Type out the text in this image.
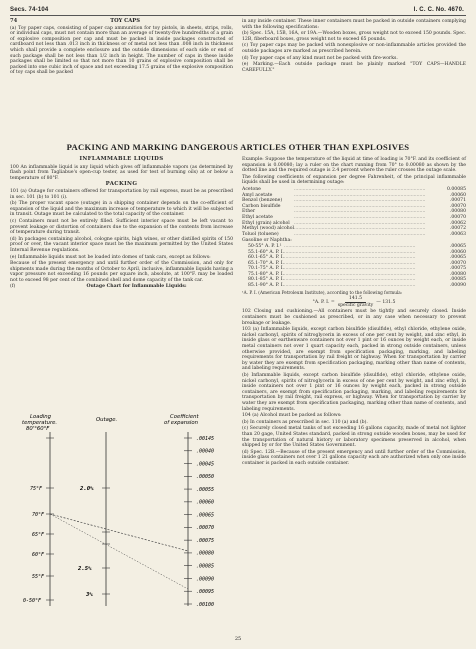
Secs. 74-104	I. C. C. No. 4670.
74	TOY CAPS

(a) Toy paper caps, consisting of paper cap ammunition for toy pistols, in sheets, strips, rolls, or individual caps, must not contain more than an average of twenty-five hundredths of a grain of explosive composition per cap and must be packed in inside packages constructed of cardboard not less than .013 inch in thickness or of metal not less than .008 inch in thickness which shall provide a complete enclosure and the outside dimensions of each side or end of such package shall be not less than 1/2 inch in height. The number of caps in these inside packages shall be limited so that not more than 10 grains of explosive composition shall be packed into one cubic inch of space and not exceeding 17.5 grains of the explosive composition of toy caps shall be packed

in any inside container. These inner containers must be packed in outside containers complying with the following specifications:

(b) Spec. 15A, 15B, 16A, or 19A.—Wooden boxes, gross weight not to exceed 150 pounds. Spec. 12B, fiberboard boxes, gross weight not to exceed 65 pounds.

(c) Toy paper caps may be packed with nonexplosive or non-inflammable articles provided the outside packages are marked as prescribed herein.

(d) Toy paper caps of any kind must not be packed with fire-works.

(e) Marking.—Each outside package must be plainly marked "TOY CAPS—HANDLE CAREFULLY."

PACKING AND MARKING DANGEROUS ARTICLES OTHER THAN EXPLOSIVES
INFLAMMABLE LIQUIDS

100 An inflammable liquid is any liquid which gives off inflammable vapors (as determined by flash point from Tagliabue's open-cup tester, as used for test of burning oils) at or below a temperature of 80°F.

PACKING

101 (a) Outage for containers offered for transportation by rail express, must be as prescribed in sec. 101 (b) to 101 (i).

(b) The proper vacant space (outage) in a shipping container depends on the co-efficient of expansion of the liquid and the maximum increase of temperature to which it will be subjected in transit. Outage must be calculated to the total capacity of the container.

(c) Containers must not be entirely filled. Sufficient interior space must be left vacant to prevent leakage or distortion of containers due to the expansion of the contents from increase of temperature during transit.

(d) In packages containing alcohol, cologne spirits, high wines, or other distilled spirits of 150 proof or over, the vacant interior space must be the maximum permitted by the United States Internal Revenue regulations.

(e) Inflammable liquids must not be loaded into domes of tank cars, except as follows:

Because of the present emergency and until further order of the Commission, and only for shipments made during the months of October to April, inclusive, inflammable liquids having a vapor pressure not exceeding 16 pounds per square inch, absolute, at 100°F. may be loaded not to exceed 98 per cent of the combined shell and dome capacity of the tank car.

(f)	Outage Chart for Inflammable Liquids:
Loading
temperature.
80'°60°F
Outage.	Coefficient
of expansion
75°F
70°F
65°F
60°F
55°F
0-50°F
2.0%
2.5%
3%
.00145
.00040
.00045
.00050
.00055
.00060
.00065
.00070
.00075
.00080
.00085
.00090
.00095
.00100

Example: Suppose the temperature of the liquid at time of loading is 70°F. and its coefficient of expansion is 0.00080; lay a ruler on the chart running from 70° to 0.00080 as shown by the dotted line and the required outage is 2.4 percent where the ruler crosses the outage scale.

The following coefficients of expansion per degree Fahrenheit, of the principal inflammable liquids shall be used in determining outage:

Acetone	..........................................................................................	0.00085
Amyl acetate	..........................................................................................	.00060
Benzol (benzene)	..........................................................................................	.00071
Carbon bisulfide	..........................................................................................	.00070
Ether	..........................................................................................	.00080
Ethyl acetate	..........................................................................................	.00070
Ethyl (grain) alcohol	..........................................................................................	.00062
Methyl (wood) alcohol	..........................................................................................	.00072
Toluol (toluene)	..........................................................................................	.00063
Gasoline or Naphtha:
50-55° A. P. I.¹	..........................................................................................	.00065
55.1-60° A. P. I.	..........................................................................................	.00060
60.1-65° A. P. I.	..........................................................................................	.00065
65.1-70° A. P. I.	..........................................................................................	.00070
70.1-75° A. P. I.	..........................................................................................	.00075
75.1-80° A. P. I.	..........................................................................................	.00080
80.1-85° A. P. I.	..........................................................................................	.00085
85.1-90° A. P. I.	..........................................................................................	.00090
¹A. P. I. (American Petroleum Institute), according to the following formula:
°A. P. I. =
141.5
specific gravity
— 131.5

102 Closing and cushioning.—All containers must be tightly and securely closed. Inside containers must be cushioned as prescribed, or in any case when necessary to prevent breakage or leakage.

103 (a) Inflammable liquids, except carbon bisulfide (disulfide), ethyl chloride, ethylene oxide, nickel carbonyl, spirits of nitroglycerin in excess of one per cent by weight, and zinc ethyl, in inside glass or earthenware containers not over 1 pint or 16 ounces by weight each, or inside metal containers not over 1 quart capacity each, packed in strong outside containers, unless otherwise provided, are exempt from specification packaging, marking, and labeling requirements for transportation by rail freight or highway. When for transportation by carrier by water they are exempt from specification packaging, marking other than name of contents, and labeling requirements.

(b) Inflammable liquids, except carbon bisulfide (disulfide), ethyl chloride, ethylene oxide, nickel carbonyl, spirits of nitroglycerin in excess of one per cent by weight, and zinc ethyl, in inside containers not over 1 pint or 16 ounces by weight each, packed in strong outside containers, are exempt from specification packaging, marking, and labeling requirements for transportation by rail freight, rail express, or highway. When for transportation by carrier by water they are exempt from specification packaging, marking other than name of contents, and labeling requirements.

104 (a) Alcohol must be packed as follows:

(b) In containers as prescribed in sec. 110 (a) and (b).

(c) Securely closed metal tanks of not exceeding 16 gallons capacity, made of metal not lighter than 20 gage, United States standard, packed in strong outside wooden boxes, may be used for the transportation of natural history or laboratory specimens preserved in alcohol, when shipped by or for the United States Government.

(d) Spec. 12B.—Because of the present emergency and until further order of the Commission, inside glass containers not over 1 21 gallons capacity each are authorized when only one inside container is packed in each outside container.

25
